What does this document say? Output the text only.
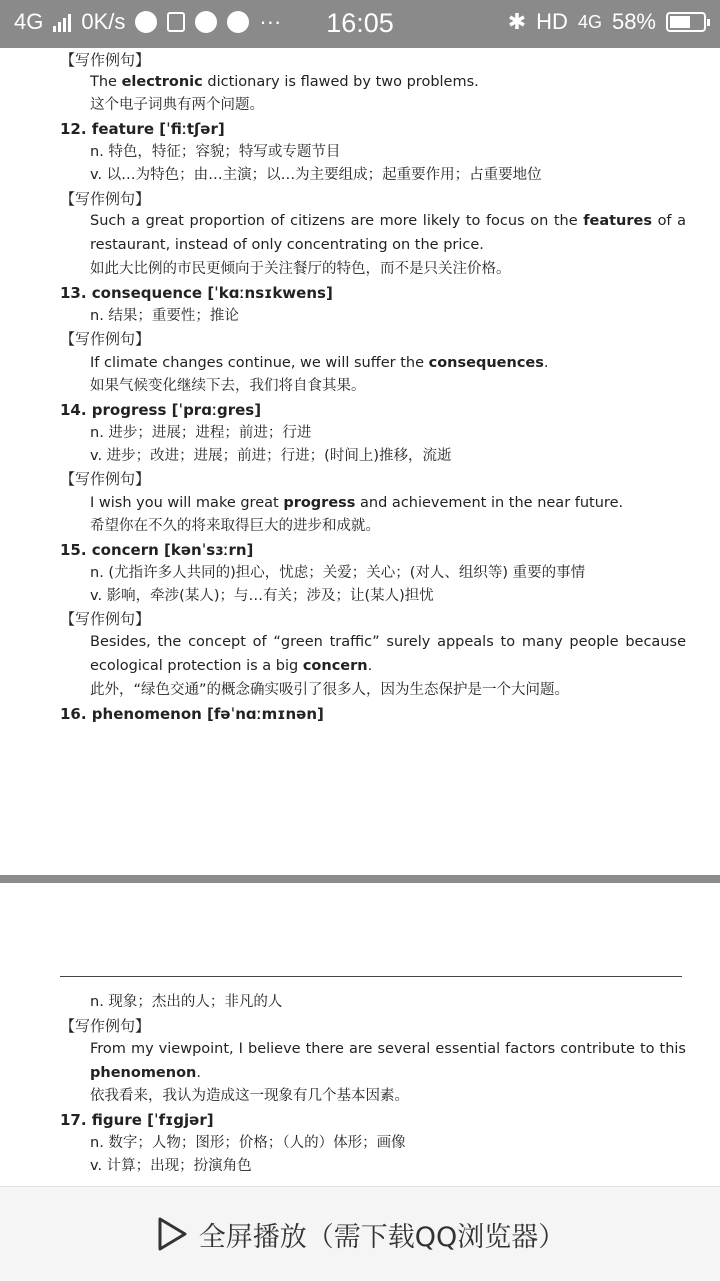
4G 0K/s	···	16:05	✱ HD 4G 58%
【写作例句】
The electronic dictionary is flawed by two problems.
这个电子词典有两个问题。
12. feature [ˈfiːtʃər]
n. 特色，特征；容貌；特写或专题节目
v. 以…为特色；由…主演；以…为主要组成；起重要作用；占重要地位
【写作例句】
Such a great proportion of citizens are more likely to focus on the features of a restaurant, instead of only concentrating on the price.
如此大比例的市民更倾向于关注餐厅的特色，而不是只关注价格。
13. consequence [ˈkɑːnsɪkwens]
n. 结果；重要性；推论
【写作例句】
If climate changes continue, we will suffer the consequences.
如果气候变化继续下去，我们将自食其果。
14. progress [ˈprɑːgres]
n. 进步；进展；进程；前进；行进
v. 进步；改进；进展；前进；行进；(时间上)推移，流逝
【写作例句】
I wish you will make great progress and achievement in the near future.
希望你在不久的将来取得巨大的进步和成就。
15. concern [kənˈsɜːrn]
n. (尤指许多人共同的)担心，忧虑；关爱；关心；(对人、组织等) 重要的事情
v. 影响，牵涉(某人)；与…有关；涉及；让(某人)担忧
【写作例句】
Besides, the concept of “green traffic” surely appeals to many people because ecological protection is a big concern.
此外，“绿色交通”的概念确实吸引了很多人，因为生态保护是一个大问题。
16. phenomenon [fəˈnɑːmɪnən]
n. 现象；杰出的人；非凡的人
【写作例句】
From my viewpoint, I believe there are several essential factors contribute to this phenomenon.
依我看来，我认为造成这一现象有几个基本因素。
17. figure [ˈfɪgjər]
n. 数字；人物；图形；价格；（人的）体形；画像
v. 计算；出现；扮演角色
全屏播放（需下载QQ浏览器）
